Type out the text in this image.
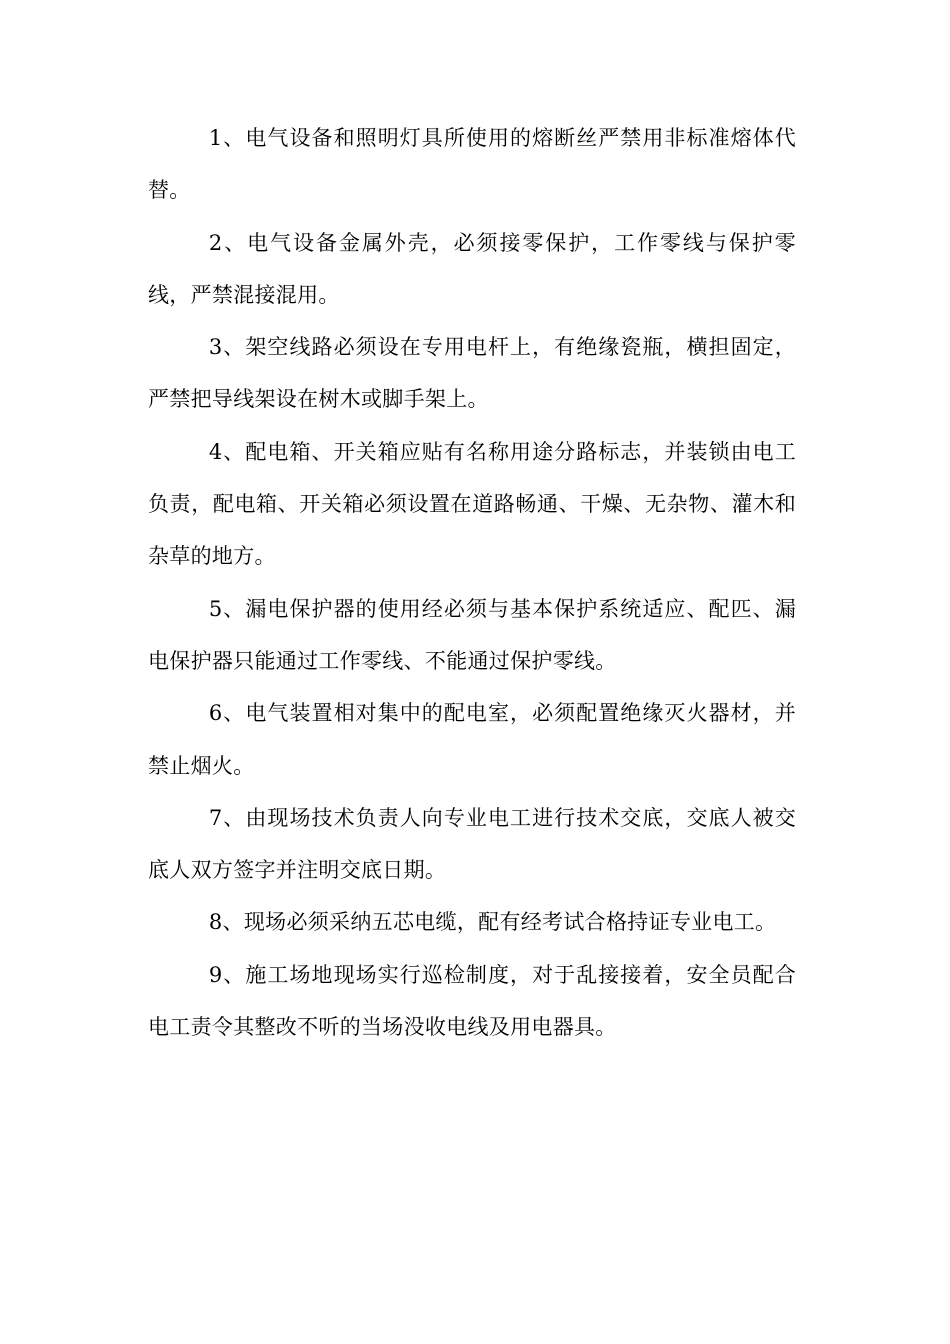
1、电气设备和照明灯具所使用的熔断丝严禁用非标准熔体代替。

2、电气设备金属外壳，必须接零保护，工作零线与保护零线，严禁混接混用。

3、架空线路必须设在专用电杆上，有绝缘瓷瓶，横担固定，严禁把导线架设在树木或脚手架上。

4、配电箱、开关箱应贴有名称用途分路标志，并装锁由电工负责，配电箱、开关箱必须设置在道路畅通、干燥、无杂物、灌木和杂草的地方。

5、漏电保护器的使用经必须与基本保护系统适应、配匹、漏电保护器只能通过工作零线、不能通过保护零线。

6、电气装置相对集中的配电室，必须配置绝缘灭火器材，并禁止烟火。

7、由现场技术负责人向专业电工进行技术交底，交底人被交底人双方签字并注明交底日期。

8、现场必须采纳五芯电缆，配有经考试合格持证专业电工。

9、施工场地现场实行巡检制度，对于乱接接着，安全员配合电工责令其整改不听的当场没收电线及用电器具。
